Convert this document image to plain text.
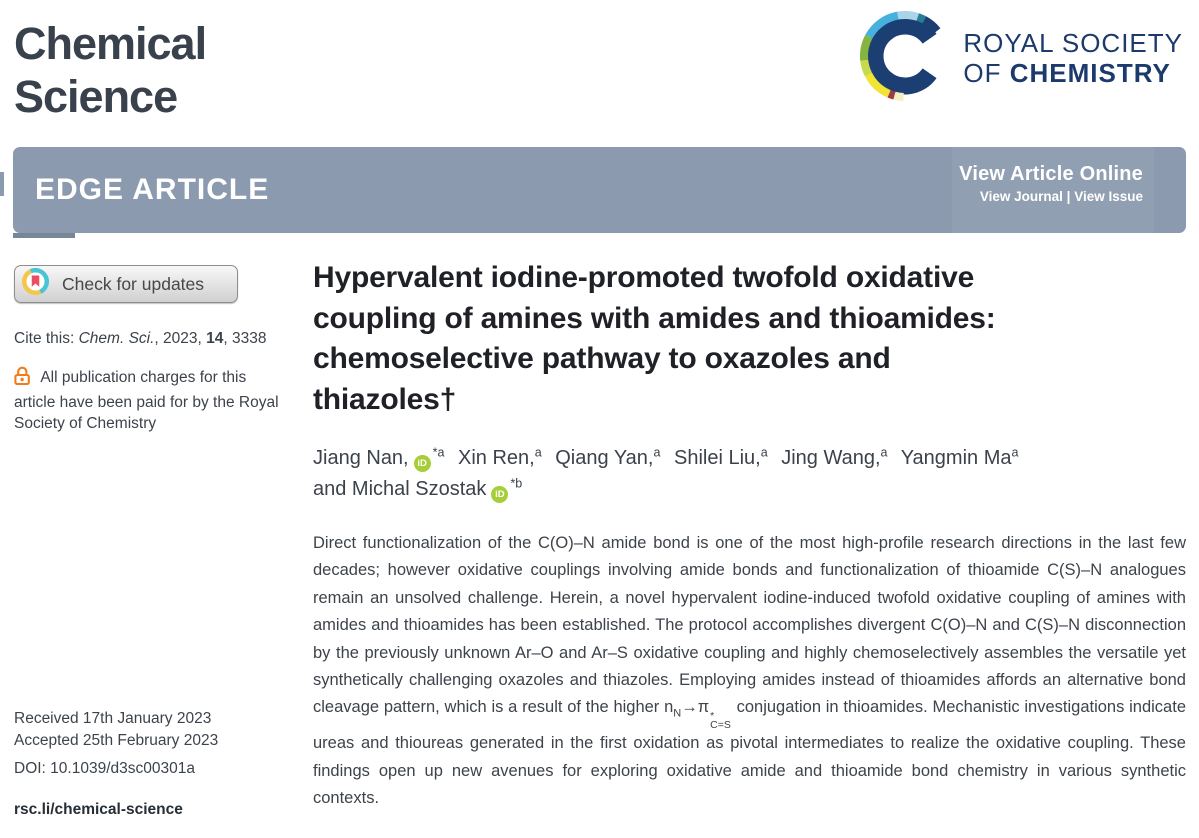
Chemical Science
ROYAL SOCIETY
OF CHEMISTRY
EDGE ARTICLE	View Article Online
View Journal | View Issue
Check for updates
Cite this: Chem. Sci., 2023, 14, 3338
All publication charges for this article have been paid for by the Royal Society of Chemistry
Received 17th January 2023
Accepted 25th February 2023
DOI: 10.1039/d3sc00301a
rsc.li/chemical-science
Hypervalent iodine-promoted twofold oxidative
coupling of amines with amides and thioamides:
chemoselective pathway to oxazoles and
thiazoles†
Jiang Nan, $iD^{*a}$ Xin Ren,$^a$ Qiang Yan,$^a$ Shilei Liu,$^a$ Jing Wang,$^a$ Yangmin Ma$^a$ and Michal Szostak $iD^{*b}$

Direct functionalization of the C(O)–N amide bond is one of the most high-profile research directions in the last few decades; however oxidative couplings involving amide bonds and functionalization of thioamide C(S)–N analogues remain an unsolved challenge. Herein, a novel hypervalent iodine-induced twofold oxidative coupling of amines with amides and thioamides has been established. The protocol accomplishes divergent C(O)–N and C(S)–N disconnection by the previously unknown Ar–O and Ar–S oxidative coupling and highly chemoselectively assembles the versatile yet synthetically challenging oxazoles and thiazoles. Employing amides instead of thioamides affords an alternative bond cleavage pattern, which is a result of the higher $n_N\to\pi$ *
C=S
conjugation in thioamides. Mechanistic investigations indicate ureas and thioureas generated in the first oxidation as pivotal intermediates to realize the oxidative coupling. These findings open up new avenues for exploring oxidative amide and thioamide bond chemistry in various synthetic contexts.
